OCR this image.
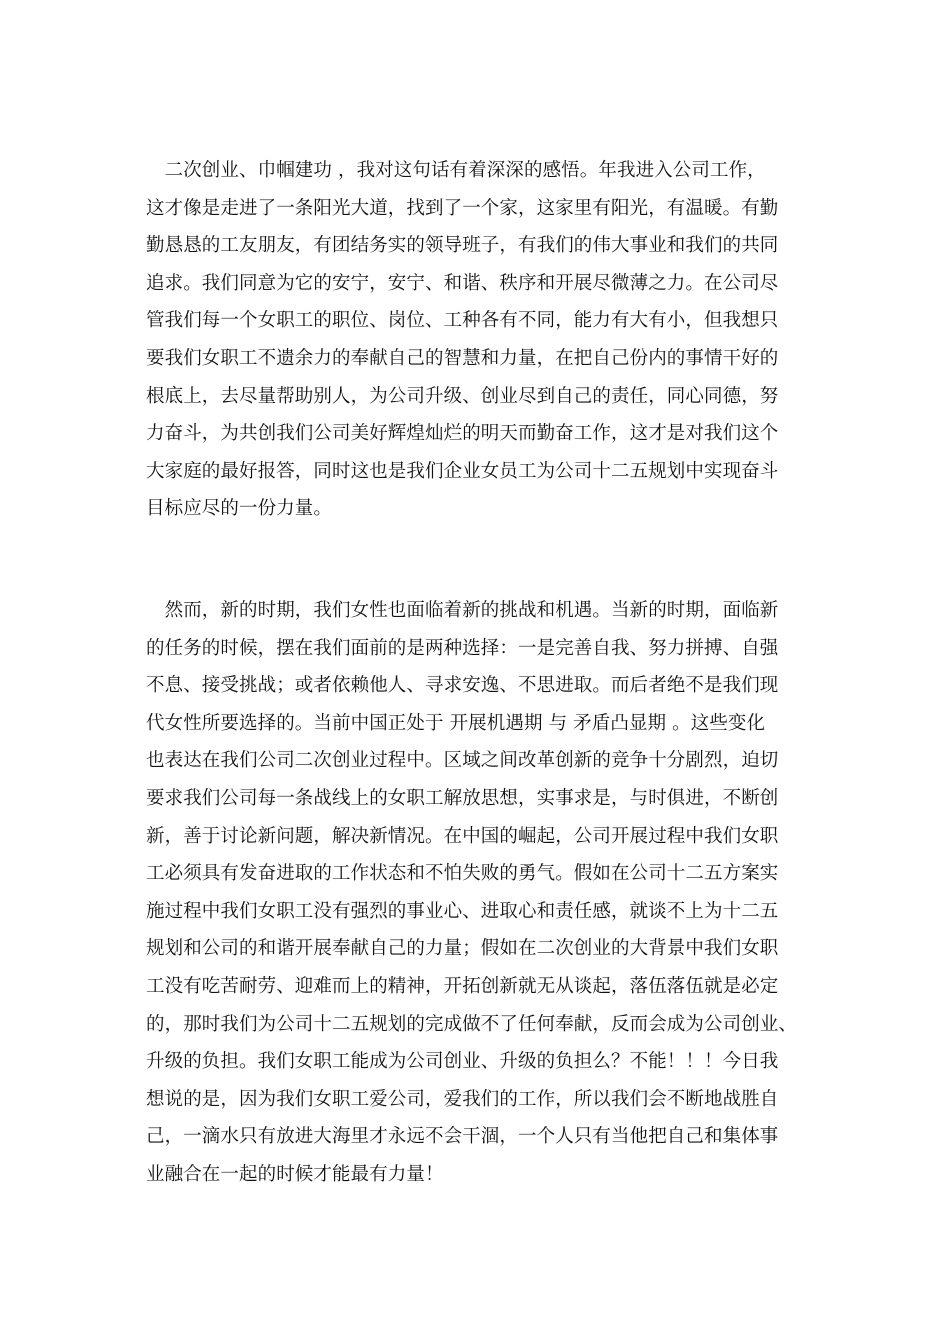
　二次创业、巾帼建功 ，我对这句话有着深深的感悟。年我进入公司工作，
这才像是走进了一条阳光大道，找到了一个家，这家里有阳光，有温暖。有勤
勤恳恳的工友朋友，有团结务实的领导班子，有我们的伟大事业和我们的共同
追求。我们同意为它的安宁，安宁、和谐、秩序和开展尽微薄之力。在公司尽
管我们每一个女职工的职位、岗位、工种各有不同，能力有大有小，但我想只
要我们女职工不遗余力的奉献自己的智慧和力量，在把自己份内的事情干好的
根底上，去尽量帮助别人，为公司升级、创业尽到自己的责任，同心同德，努
力奋斗，为共创我们公司美好辉煌灿烂的明天而勤奋工作，这才是对我们这个
大家庭的最好报答，同时这也是我们企业女员工为公司十二五规划中实现奋斗
目标应尽的一份力量。

　然而，新的时期，我们女性也面临着新的挑战和机遇。当新的时期，面临新
的任务的时候，摆在我们面前的是两种选择：一是完善自我、努力拼搏、自强
不息、接受挑战；或者依赖他人、寻求安逸、不思进取。而后者绝不是我们现
代女性所要选择的。当前中国正处于 开展机遇期 与 矛盾凸显期 。这些变化
也表达在我们公司二次创业过程中。区域之间改革创新的竞争十分剧烈，迫切
要求我们公司每一条战线上的女职工解放思想，实事求是，与时俱进，不断创
新，善于讨论新问题，解决新情况。在中国的崛起，公司开展过程中我们女职
工必须具有发奋进取的工作状态和不怕失败的勇气。假如在公司十二五方案实
施过程中我们女职工没有强烈的事业心、进取心和责任感，就谈不上为十二五
规划和公司的和谐开展奉献自己的力量；假如在二次创业的大背景中我们女职
工没有吃苦耐劳、迎难而上的精神，开拓创新就无从谈起，落伍落伍就是必定
的，那时我们为公司十二五规划的完成做不了任何奉献，反而会成为公司创业、
升级的负担。我们女职工能成为公司创业、升级的负担么？不能！！！今日我
想说的是，因为我们女职工爱公司，爱我们的工作，所以我们会不断地战胜自
己，一滴水只有放进大海里才永远不会干涸，一个人只有当他把自己和集体事
业融合在一起的时候才能最有力量！
